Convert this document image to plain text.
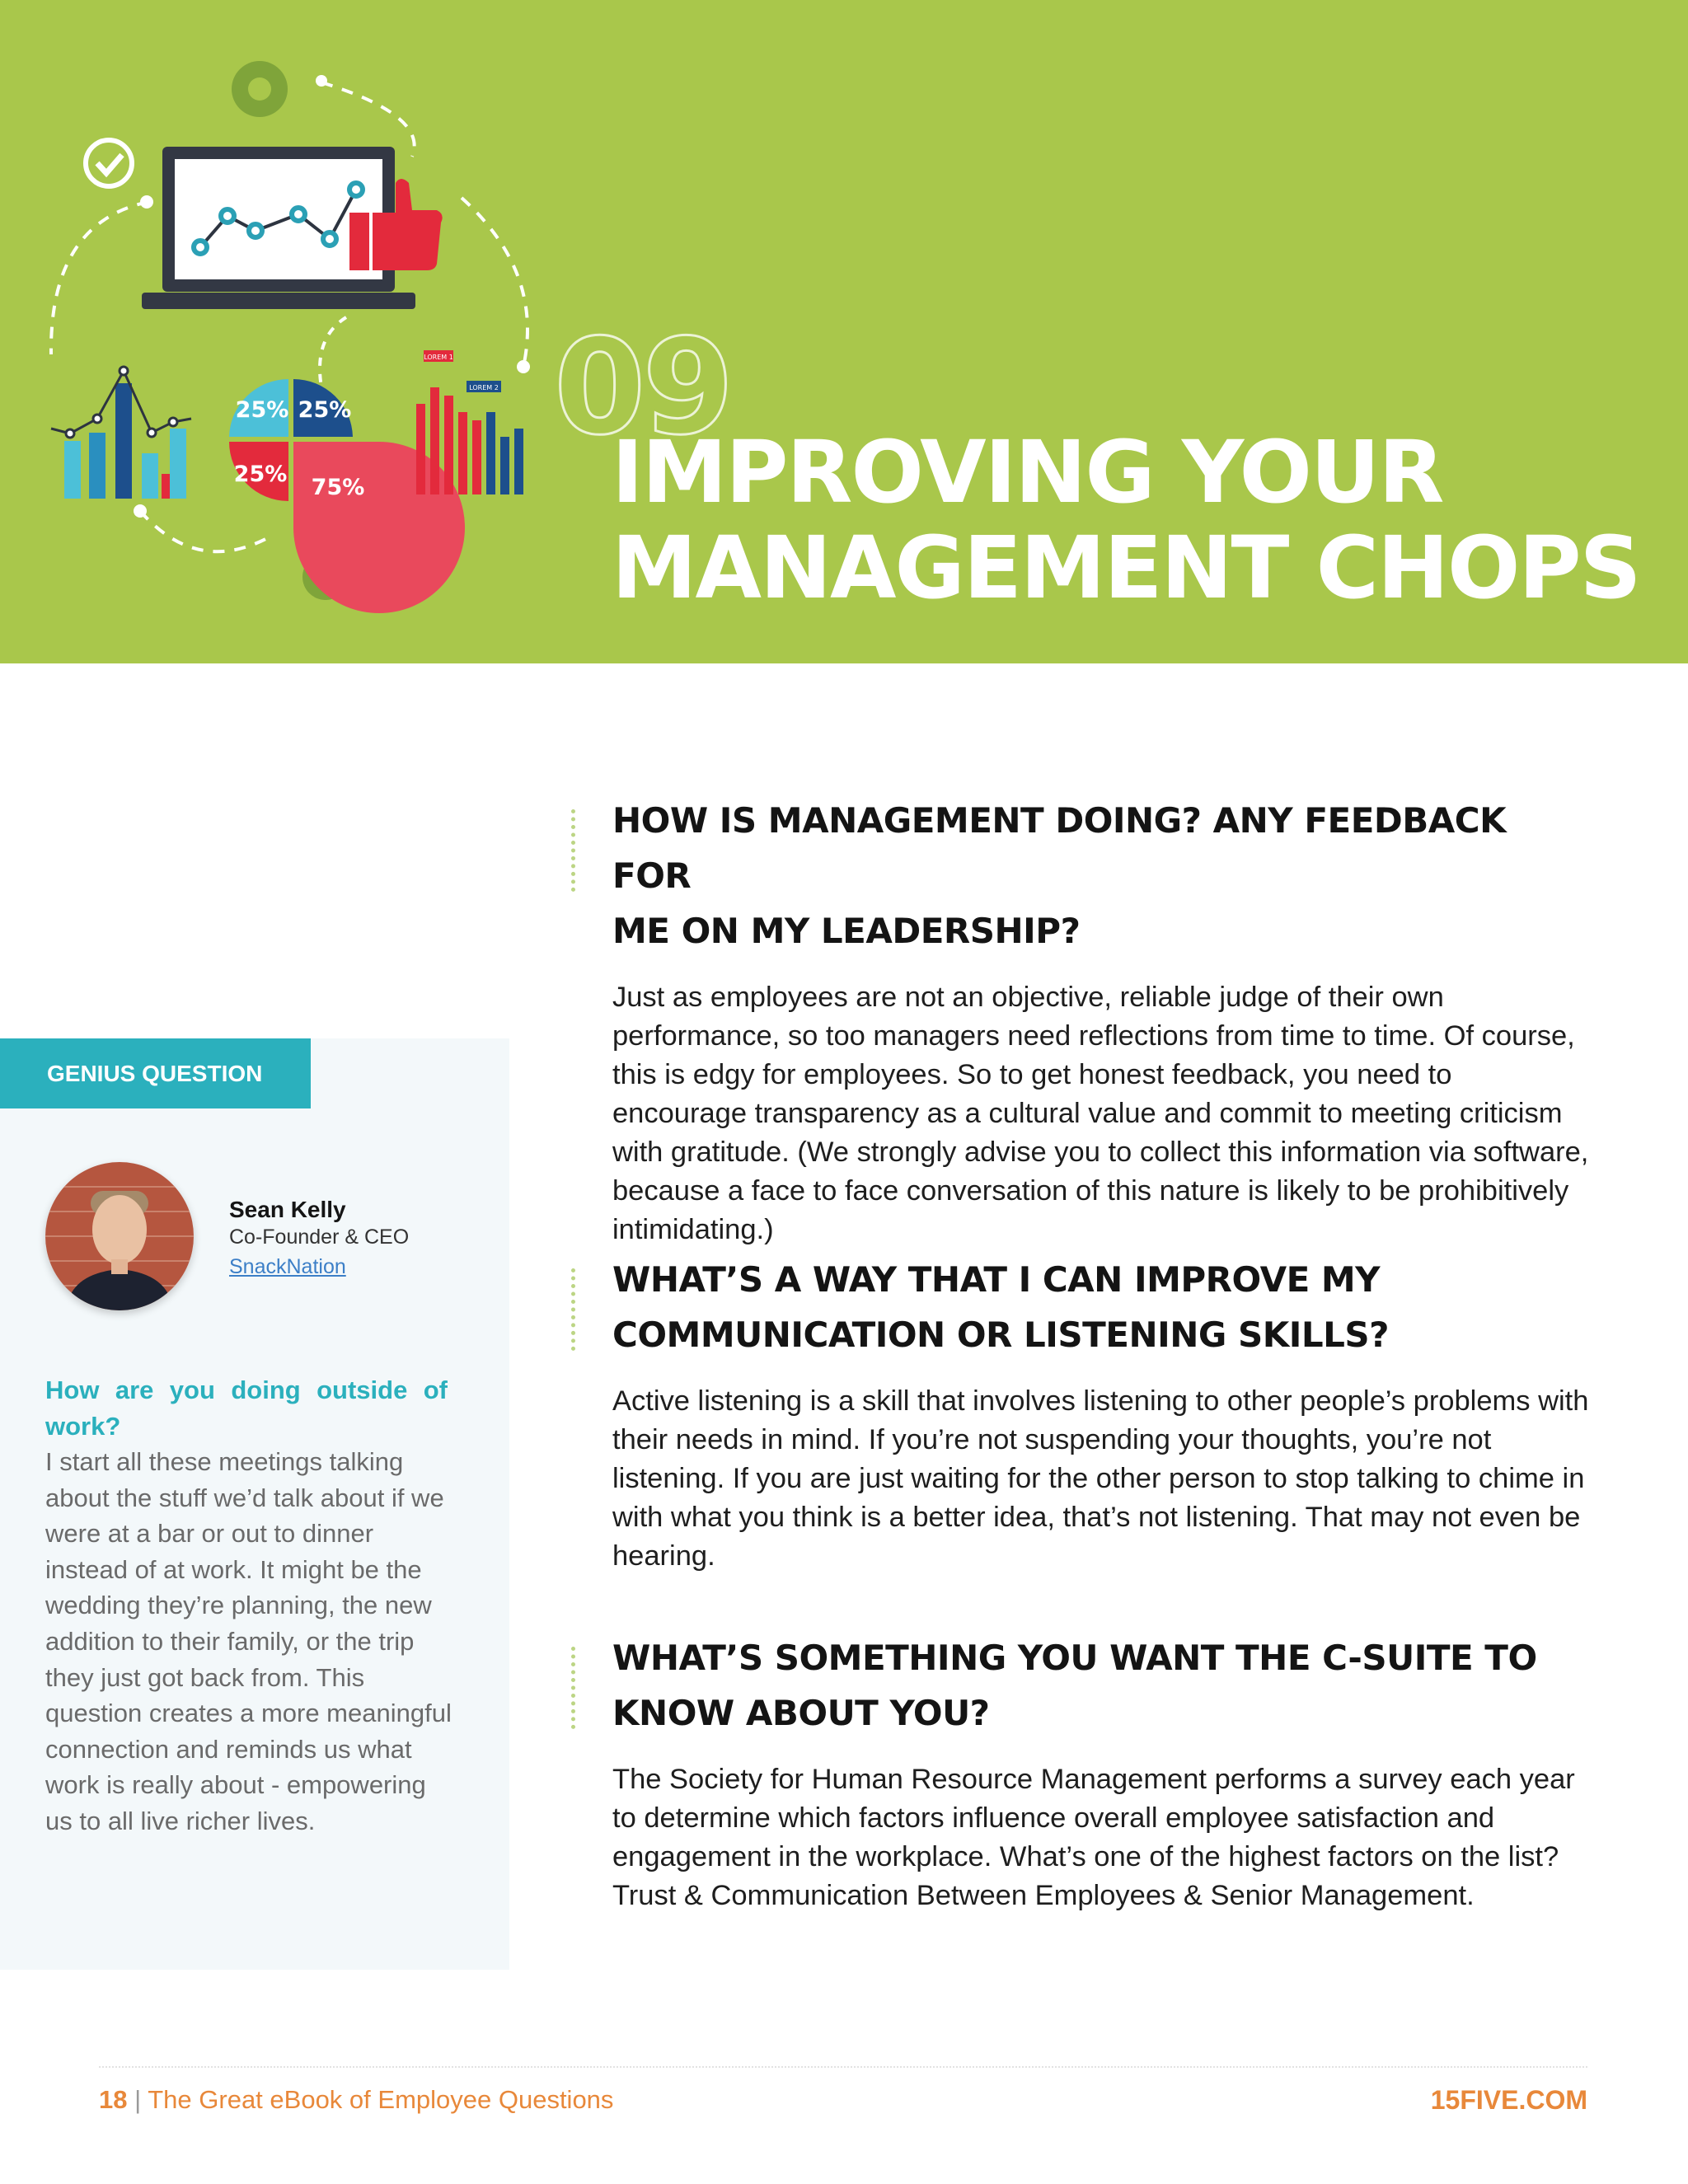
25% 25%
25%
75%
LOREM 1
LOREM 2 09
IMPROVING YOUR
MANAGEMENT CHOPS
HOW IS MANAGEMENT DOING? ANY FEEDBACK FOR
ME ON MY LEADERSHIP?

Just as employees are not an objective, reliable judge of their own performance, so too managers need reflections from time to time. Of course, this is edgy for employees. So to get honest feedback, you need to encourage transparency as a cultural value and commit to meeting criticism with gratitude. (We strongly advise you to collect this information via software, because a face to face conversation of this nature is likely to be prohibitively intimidating.)

WHAT’S A WAY THAT I CAN IMPROVE MY
COMMUNICATION OR LISTENING SKILLS?

Active listening is a skill that involves listening to other people’s problems with their needs in mind. If you’re not suspending your thoughts, you’re not listening. If you are just waiting for the other person to stop talking to chime in with what you think is a better idea, that’s not listening. That may not even be hearing.

WHAT’S SOMETHING YOU WANT THE C-SUITE TO
KNOW ABOUT YOU?

The Society for Human Resource Management performs a survey each year to determine which factors influence overall employee satisfaction and engagement in the workplace. What’s one of the highest factors on the list? Trust & Communication Between Employees & Senior Management.

GENIUS QUESTION
Sean Kelly
Co-Founder & CEO
SnackNation
How are you doing outside of work?
I start all these meetings talking about the stuff we’d talk about if we were at a bar or out to dinner instead of at work. It might be the wedding they’re planning, the new addition to their family, or the trip they just got back from. This question creates a more meaningful connection and reminds us what work is really about - empowering us to all live richer lives.
18 | The Great eBook of Employee Questions	15FIVE.COM
